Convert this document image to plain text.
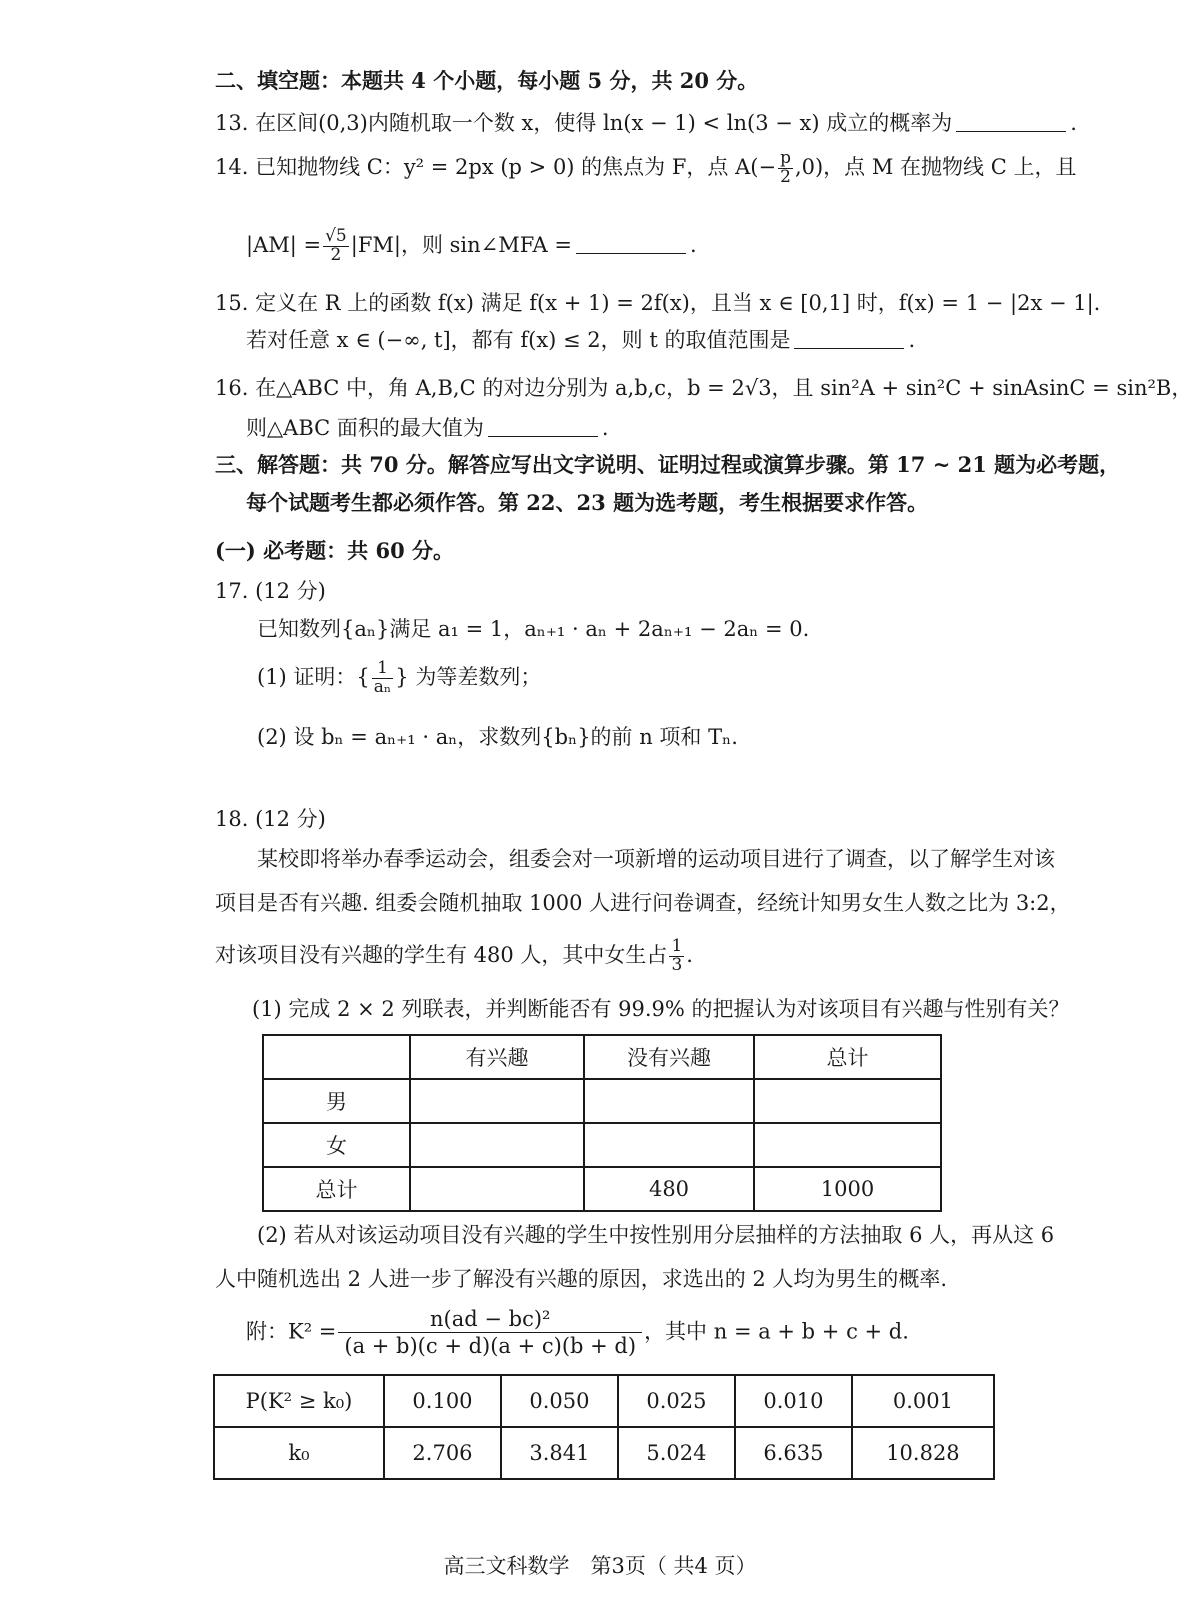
二、填空题：本题共 4 个小题，每小题 5 分，共 20 分。
13. 在区间(0,3)内随机取一个数 x，使得 ln(x − 1) < ln(3 − x) 成立的概率为	.
14. 已知抛物线 C：y² = 2px (p > 0) 的焦点为 F，点 $A(- \frac{p}{2} ,0)$，点 M 在抛物线 C 上，且
$|AM| = \frac{√5}{2} |FM|$，则 sin∠MFA =	.
15. 定义在 R 上的函数 f(x) 满足 f(x + 1) = 2f(x)，且当 x ∈ [0,1] 时，f(x) = 1 − |2x − 1|.
若对任意 x ∈ (−∞, t]，都有 f(x) ≤ 2，则 t 的取值范围是	.
16. 在△ABC 中，角 A,B,C 的对边分别为 a,b,c，b = 2√3，且 sin²A + sin²C + sinAsinC = sin²B，
则△ABC 面积的最大值为	.
三、解答题：共 70 分。解答应写出文字说明、证明过程或演算步骤。第 17 ~ 21 题为必考题，
每个试题考生都必须作答。第 22、23 题为选考题，考生根据要求作答。
(一) 必考题：共 60 分。
17. (12 分)
已知数列{aₙ}满足 a₁ = 1，aₙ₊₁ · aₙ + 2aₙ₊₁ − 2aₙ = 0.
(1) 证明：{ $\frac{1}{\text{aₙ}}$ } 为等差数列；
(2) 设 bₙ = aₙ₊₁ · aₙ，求数列{bₙ}的前 n 项和 Tₙ.
18. (12 分)
某校即将举办春季运动会，组委会对一项新增的运动项目进行了调查，以了解学生对该
项目是否有兴趣. 组委会随机抽取 1000 人进行问卷调查，经统计知男女生人数之比为 3:2，
对该项目没有兴趣的学生有 480 人，其中女生占 $\frac{1}{3}$ .
(1) 完成 2 × 2 列联表，并判断能否有 99.9% 的把握认为对该项目有兴趣与性别有关？
	有兴趣	没有兴趣	总计
男			
女			
总计		480	1000
(2) 若从对该运动项目没有兴趣的学生中按性别用分层抽样的方法抽取 6 人，再从这 6
人中随机选出 2 人进一步了解没有兴趣的原因，求选出的 2 人均为男生的概率.
附：$K^2 = \frac{\text{n(ad − bc)²}}{(a + b)(c + d)(a + c)(b + d)}$ ，其中 n = a + b + c + d.
P(K² ≥ k₀)	0.100	0.050	0.025	0.010	0.001
k₀	2.706	3.841	5.024	6.635	10.828
高三文科数学　第3页（ 共4 页）
